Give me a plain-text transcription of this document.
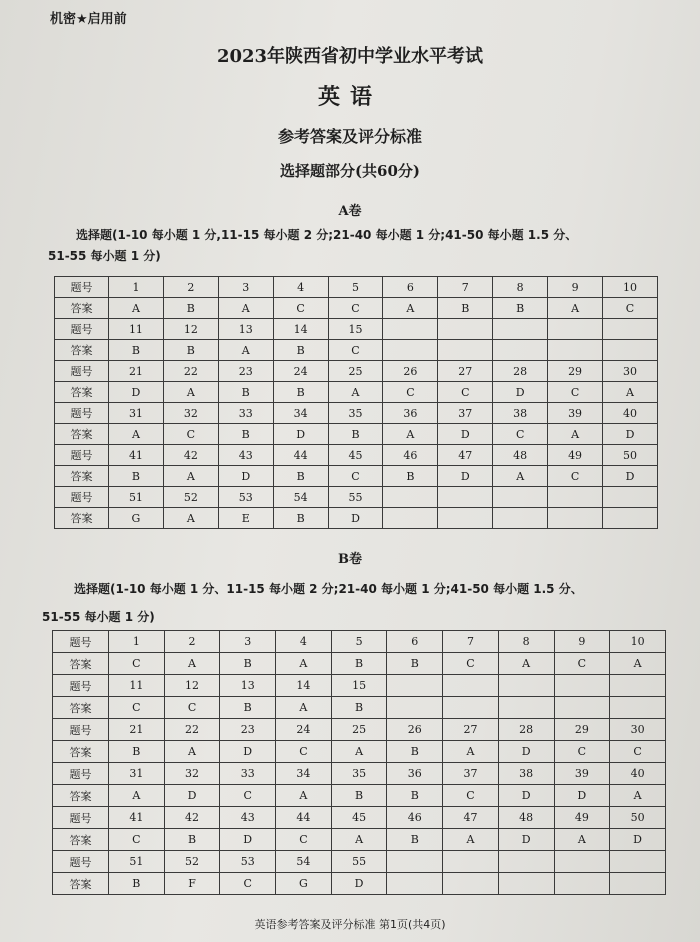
机密★启用前
2023年陕西省初中学业水平考试
英语
参考答案及评分标准
选择题部分(共60分)
A卷
选择题(1-10 每小题 1 分,11-15 每小题 2 分;21-40 每小题 1 分;41-50 每小题 1.5 分、
51-55 每小题 1 分)
题号	1	2	3	4	5	6	7	8	9	10
答案	A	B	A	C	C	A	B	B	A	C
题号	11	12	13	14	15					
答案	B	B	A	B	C					
题号	21	22	23	24	25	26	27	28	29	30
答案	D	A	B	B	A	C	C	D	C	A
题号	31	32	33	34	35	36	37	38	39	40
答案	A	C	B	D	B	A	D	C	A	D
题号	41	42	43	44	45	46	47	48	49	50
答案	B	A	D	B	C	B	D	A	C	D
题号	51	52	53	54	55					
答案	G	A	E	B	D					
B卷
选择题(1-10 每小题 1 分、11-15 每小题 2 分;21-40 每小题 1 分;41-50 每小题 1.5 分、
51-55 每小题 1 分)
题号	1	2	3	4	5	6	7	8	9	10
答案	C	A	B	A	B	B	C	A	C	A
题号	11	12	13	14	15					
答案	C	C	B	A	B					
题号	21	22	23	24	25	26	27	28	29	30
答案	B	A	D	C	A	B	A	D	C	C
题号	31	32	33	34	35	36	37	38	39	40
答案	A	D	C	A	B	B	C	D	D	A
题号	41	42	43	44	45	46	47	48	49	50
答案	C	B	D	C	A	B	A	D	A	D
题号	51	52	53	54	55					
答案	B	F	C	G	D					
英语参考答案及评分标准 第1页(共4页)
